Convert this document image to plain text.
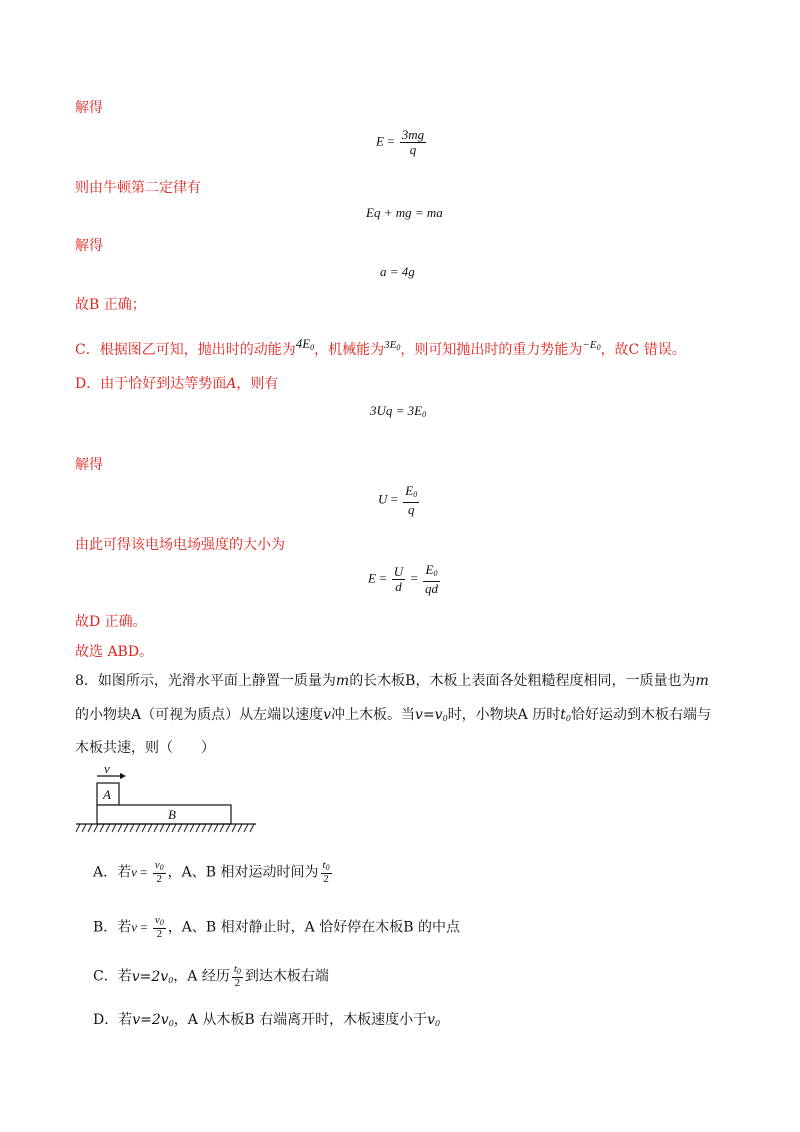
解得
$E = \frac{3mg}{q}$
则由牛顿第二定律有
Eq + mg = ma
解得
a = 4g
故B 正确；
C．根据图乙可知，抛出时的动能为$4E_0$，机械能为$^{3E_0}$，则可知抛出时的重力势能为$^{-E_0}$，故C 错误。
D．由于恰好到达等势面A，则有
$3Uq = 3E_0$
解得
$U = \frac{E_0}{q}$
由此可得该电场电场强度的大小为
$E = \frac{U}{d} = \frac{E_0}{qd}$
故D 正确。
故选 ABD。
8．如图所示，光滑水平面上静置一质量为m的长木板B，木板上表面各处粗糙程度相同，一质量也为m
的小物块A（可视为质点）从左端以速度v冲上木板。当$v=v_0$时，小物块A 历时$t_0$恰好运动到木板右端与
木板共速，则（　　）
v
A
B
A．若$v = \frac{v_0}{2}$ ，A、B 相对运动时间为 $\frac{t_0}{2}$
B．若$v = \frac{v_0}{2}$ ，A、B 相对静止时，A 恰好停在木板B 的中点
C．若$v=2v_0$，A 经历 $\frac{t_0}{2}$ 到达木板右端
D．若$v=2v_0$，A 从木板B 右端离开时，木板速度小于$v_0$
